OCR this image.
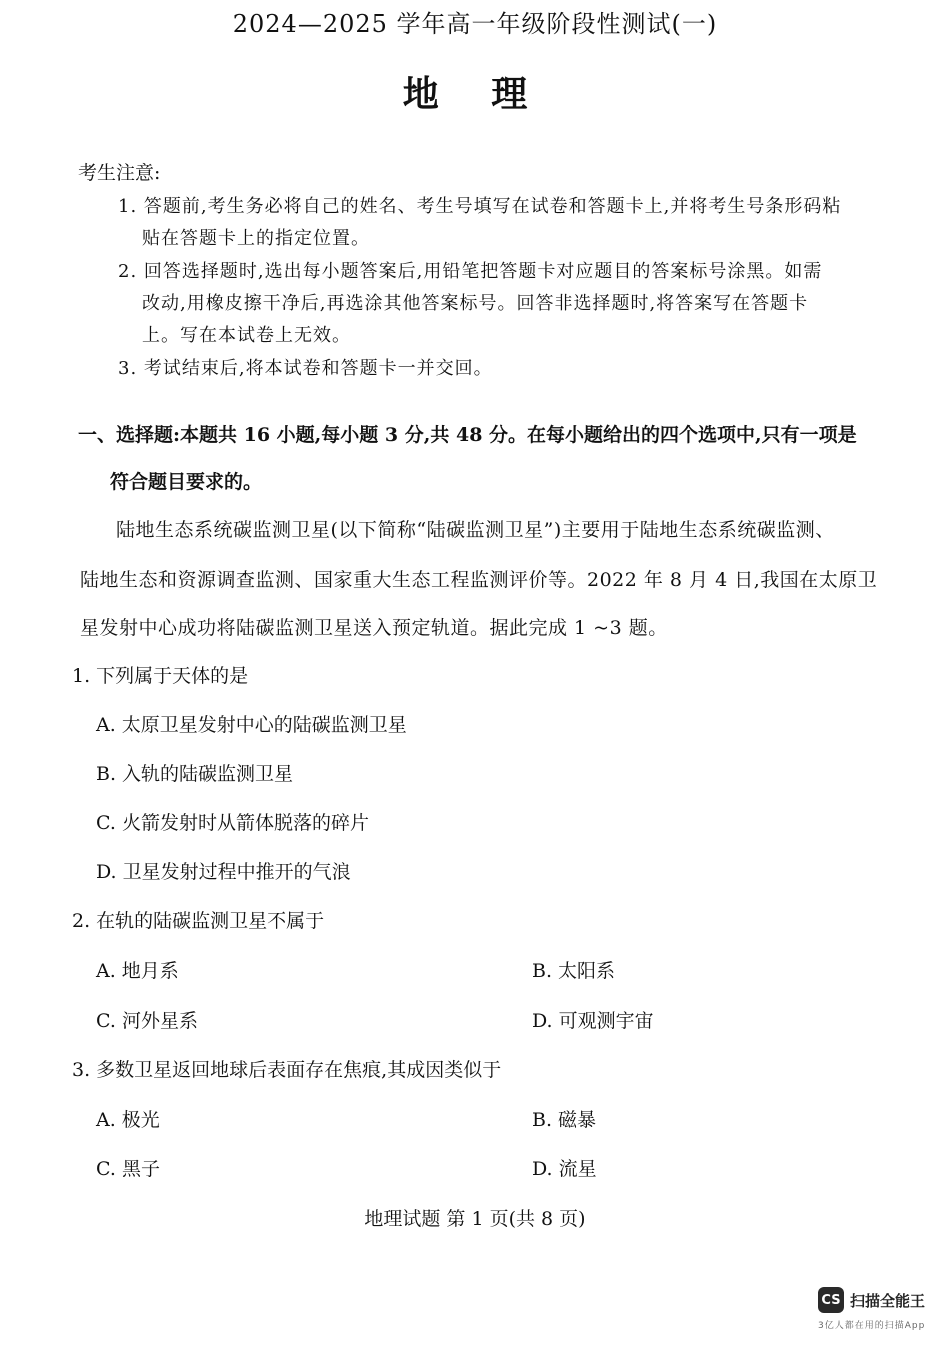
2024—2025 学年高一年级阶段性测试(一)
地 理
考生注意:
1. 答题前,考生务必将自己的姓名、考生号填写在试卷和答题卡上,并将考生号条形码粘
贴在答题卡上的指定位置。
2. 回答选择题时,选出每小题答案后,用铅笔把答题卡对应题目的答案标号涂黑。如需
改动,用橡皮擦干净后,再选涂其他答案标号。回答非选择题时,将答案写在答题卡
上。写在本试卷上无效。
3. 考试结束后,将本试卷和答题卡一并交回。
一、选择题:本题共 16 小题,每小题 3 分,共 48 分。在每小题给出的四个选项中,只有一项是
符合题目要求的。
陆地生态系统碳监测卫星(以下简称“陆碳监测卫星”)主要用于陆地生态系统碳监测、
陆地生态和资源调查监测、国家重大生态工程监测评价等。2022 年 8 月 4 日,我国在太原卫
星发射中心成功将陆碳监测卫星送入预定轨道。据此完成 1 ~3 题。
1. 下列属于天体的是
A. 太原卫星发射中心的陆碳监测卫星
B. 入轨的陆碳监测卫星
C. 火箭发射时从箭体脱落的碎片
D. 卫星发射过程中推开的气浪
2. 在轨的陆碳监测卫星不属于
A. 地月系	B. 太阳系
C. 河外星系	D. 可观测宇宙
3. 多数卫星返回地球后表面存在焦痕,其成因类似于
A. 极光	B. 磁暴
C. 黑子	D. 流星
地理试题 第 1 页(共 8 页)
CS 扫描全能王
3亿人都在用的扫描App
